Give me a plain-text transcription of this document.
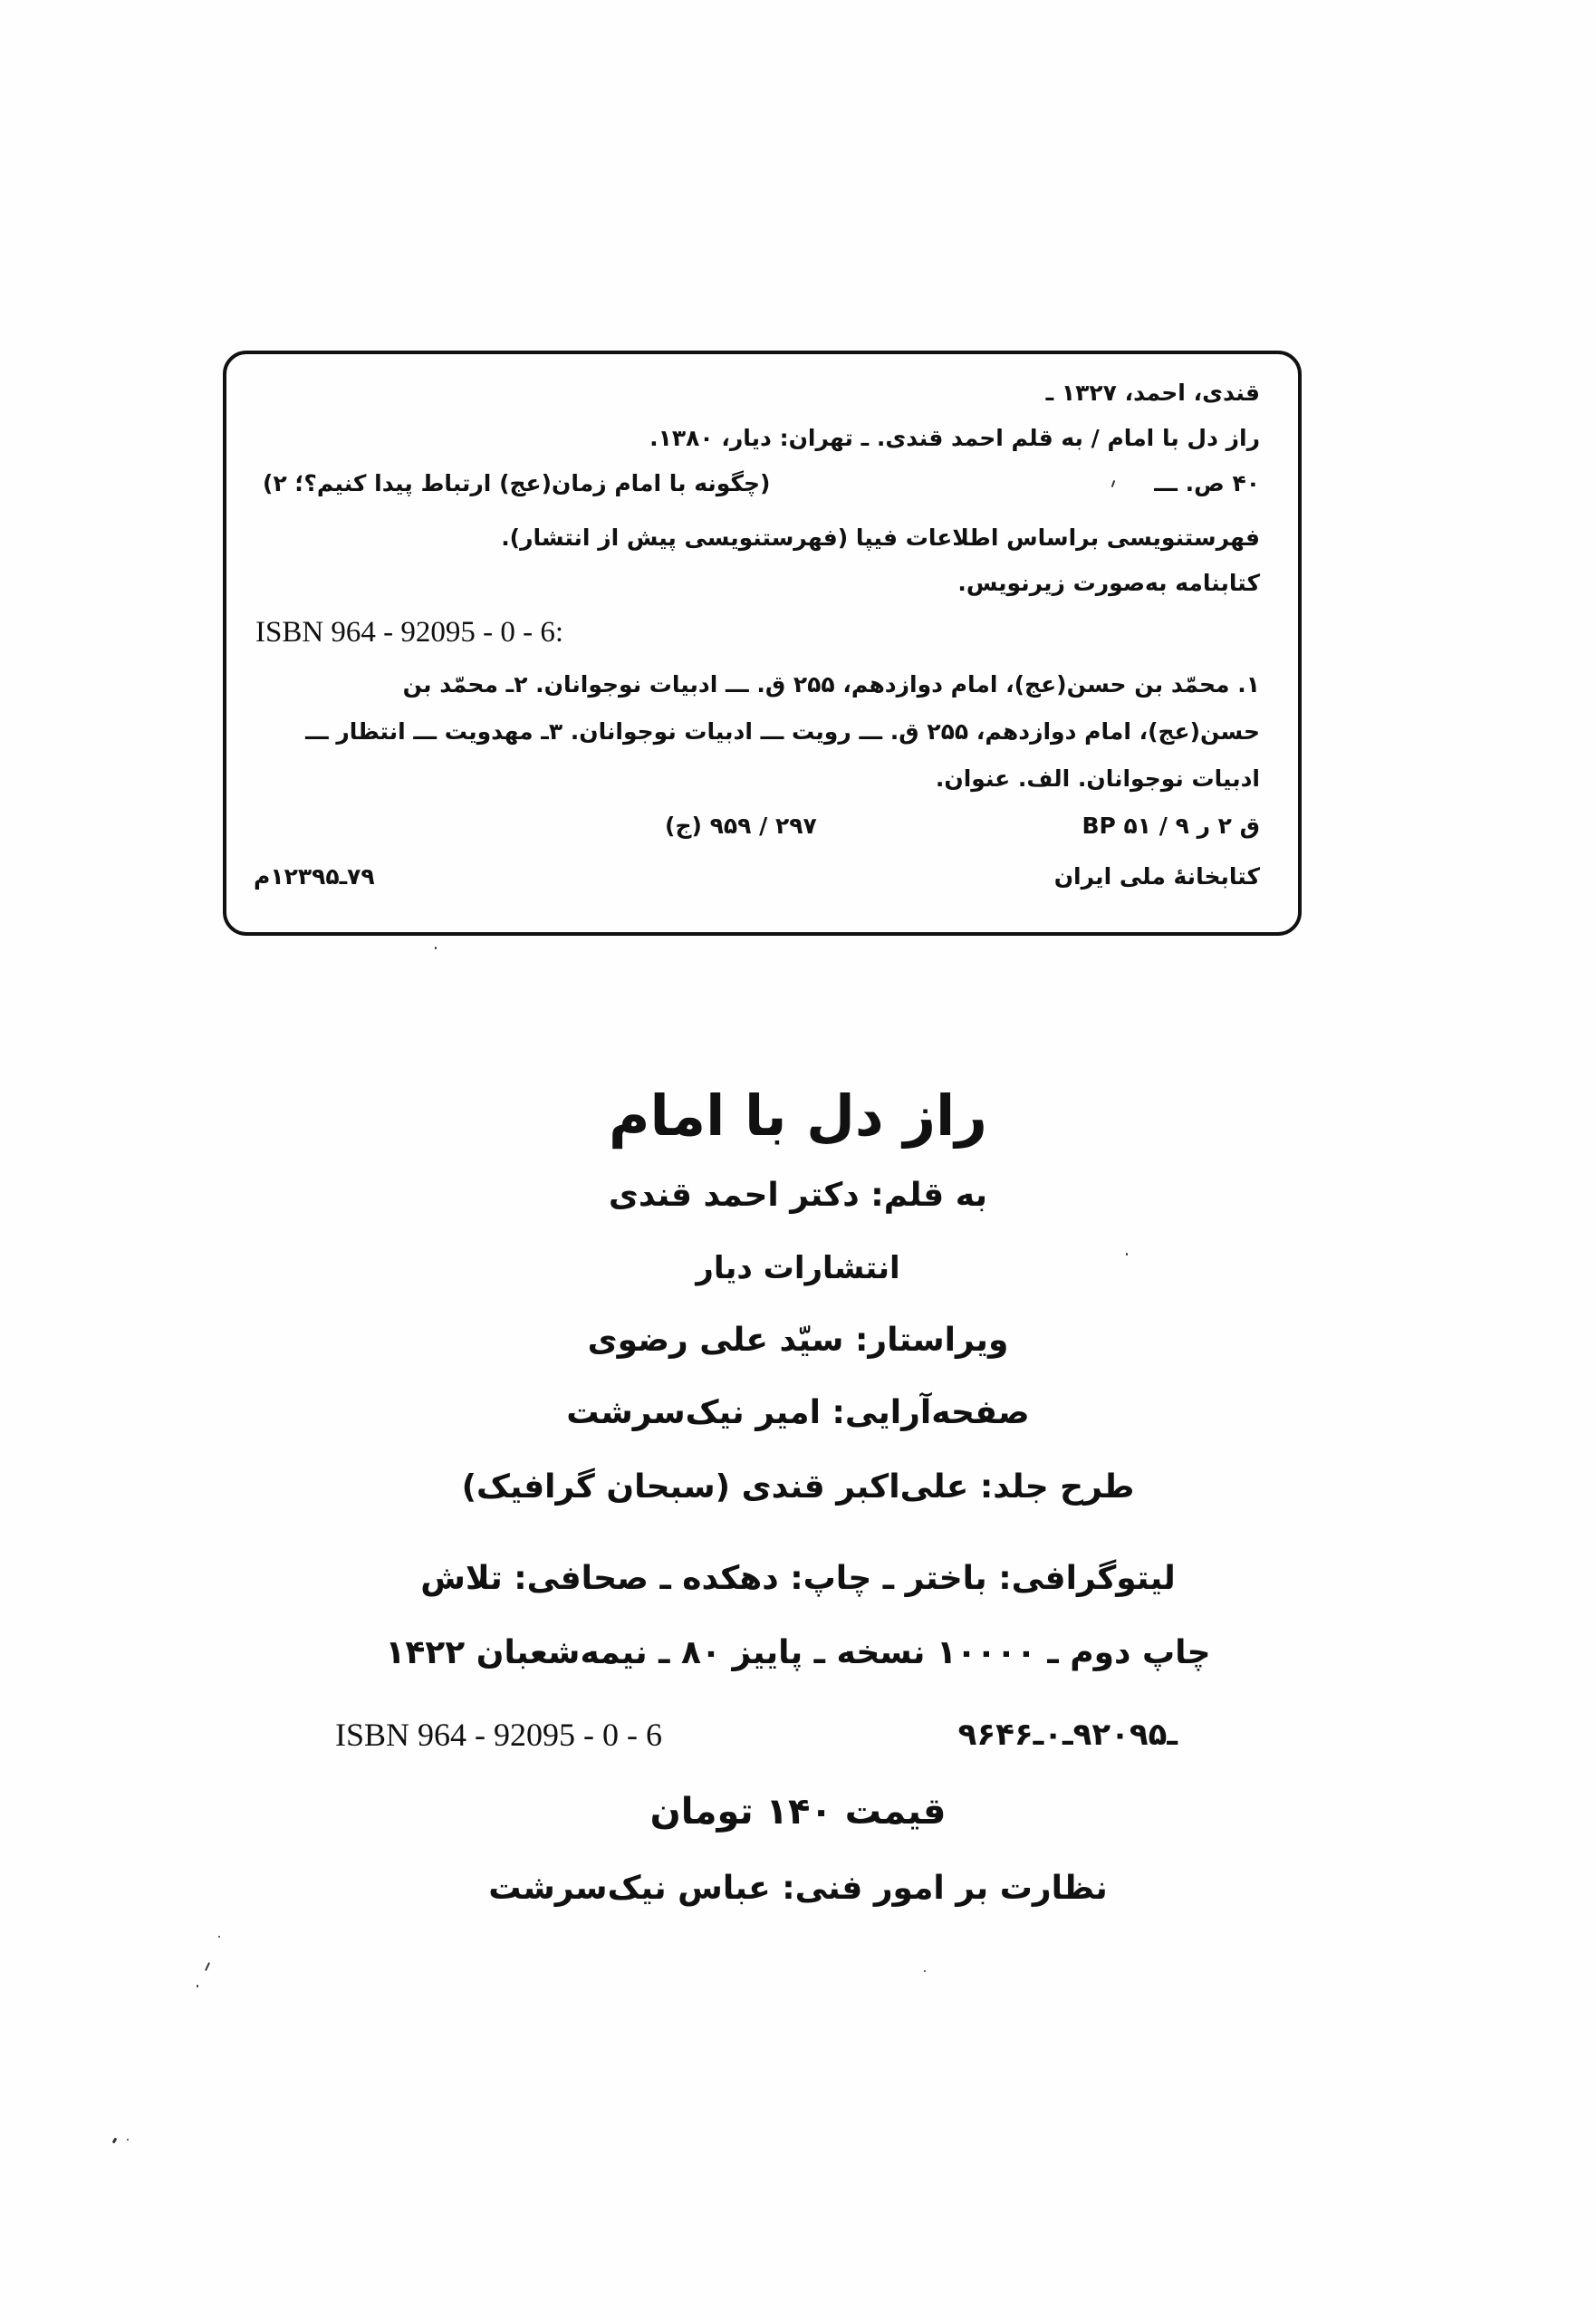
قندی، احمد، ۱۳۲۷ ـ
راز دل با امام / به قلم احمد قندی. ـ تهران: دیار، ۱۳۸۰.
۴۰ ص. ـــ
(چگونه با امام زمان(عج) ارتباط پیدا کنیم؟؛ ۲)
فهرستنویسی براساس اطلاعات فیپا (فهرستنویسی پیش از انتشار).
کتابنامه به‌صورت زیرنویس.
ISBN 964 - 92095 - 0 - 6:
۱. محمّد بن حسن(عج)، امام دوازدهم، ۲۵۵ ق. ـــ ادبیات نوجوانان. ۲ـ محمّد بن
حسن(عج)، امام دوازدهم، ۲۵۵ ق. ـــ رویت ـــ ادبیات نوجوانان. ۳ـ مهدویت ـــ انتظار ـــ
ادبیات نوجوانان. الف. عنوان.
BP ۵۱ / ۹ ق ۲ ر
(ج) ۲۹۷ / ۹۵۹
کتابخانهٔ ملی ایران
۷۹ـ۱۲۳۹۵م
راز دل با امام
به قلم: دکتر احمد قندی
انتشارات دیار
ویراستار: سیّد علی رضوی
صفحه‌آرایی: امیر نیک‌سرشت
طرح جلد: علی‌اکبر قندی (سبحان گرافیک)
لیتوگرافی: باختر ـ چاپ: دهکده ـ صحافی: تلاش
چاپ دوم ـ ۱۰۰۰۰ نسخه ـ پاییز ۸۰ ـ نیمه‌شعبان ۱۴۲۲
ISBN 964 - 92095 - 0 - 6	۹۶۴ـ۹۲۰۹۵ـ۰ـ۶
قیمت ۱۴۰ تومان
نظارت بر امور فنی: عباس نیک‌سرشت
